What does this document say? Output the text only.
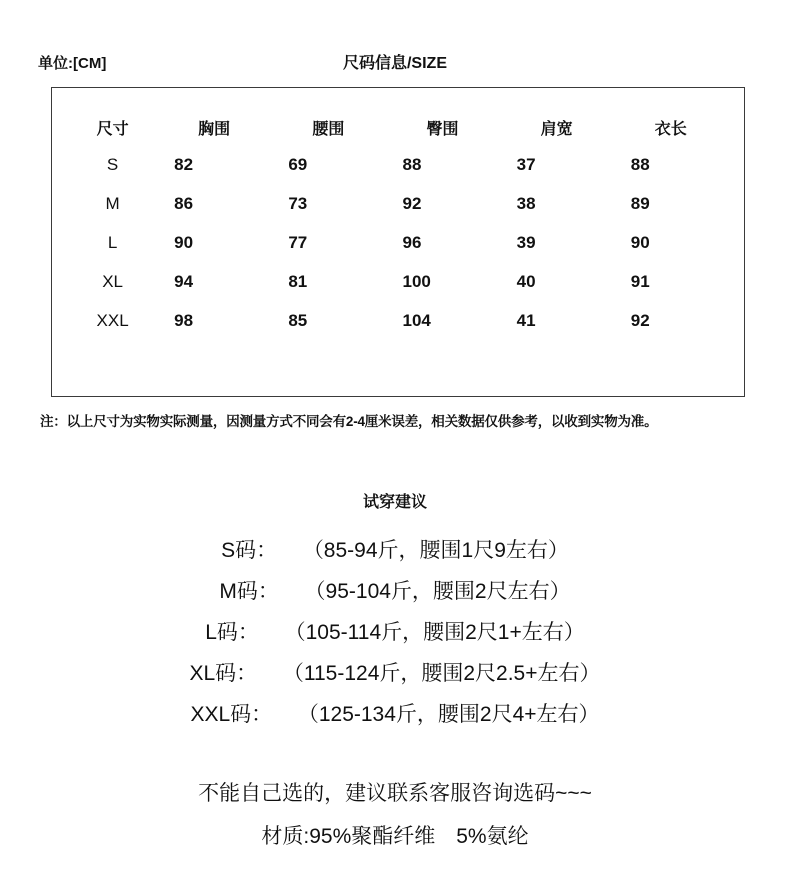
单位:[CM]	尺码信息/SIZE
尺寸	胸围	腰围	臀围	肩宽	衣长
S	82	69	88	37	88
M	86	73	92	38	89
L	90	77	96	39	90
XL	94	81	100	40	91
XXL	98	85	104	41	92
注：以上尺寸为实物实际测量，因测量方式不同会有2-4厘米误差，相关数据仅供参考，以收到实物为准。
试穿建议
S码： （85-94斤，腰围1尺9左右）
M码： （95-104斤，腰围2尺左右）
L码： （105-114斤，腰围2尺1+左右）
XL码： （115-124斤，腰围2尺2.5+左右）
XXL码： （125-134斤，腰围2尺4+左右）
不能自己选的，建议联系客服咨询选码~~~
材质:95%聚酯纤维　5%氨纶
